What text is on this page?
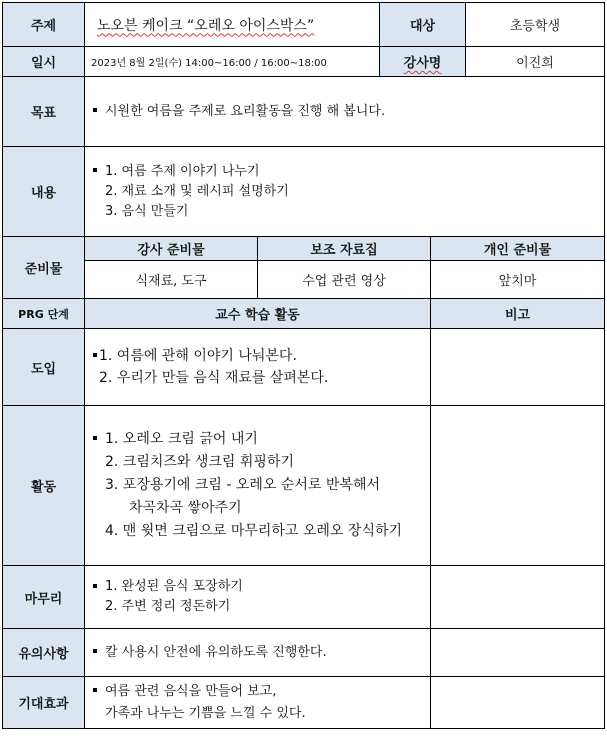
주제	노오븐 케이크 “오레오 아이스박스”		대상		초등학생
일시	2023년 8월 2일(수) 14:00~16:00 / 16:00~18:00		강사명		이진희
목표	시원한 여름을 주제로 요리활동을 진행 해 봅니다.				
내용	1. 여름 주제 이야기 나누기
2. 재료 소개 및 레시피 설명하기
3. 음식 만들기				

준비물	강사 준비물	보조 자료집		개인 준비물	
	식재료, 도구	수업 관련 영상		앞치마	
PRG 단계	교수 학습 활동			비고	
도입	1. 여름에 관해 이야기 나눠본다.
2. 우리가 만들 음식 재료를 살펴본다.				

활동	1. 오레오 크림 긁어 내기
2. 크림치즈와 생크림 휘핑하기
3. 포장용기에 크림 - 오레오 순서로 반복해서
차곡차곡 쌓아주기
4. 맨 윗면 크림으로 마무리하고 오레오 장식하기				

마무리	1. 완성된 음식 포장하기
2. 주변 정리 정돈하기				

유의사항	칼 사용시 안전에 유의하도록 진행한다.				
기대효과	여름 관련 음식을 만들어 보고,
가족과 나누는 기쁨을 느낄 수 있다.				
